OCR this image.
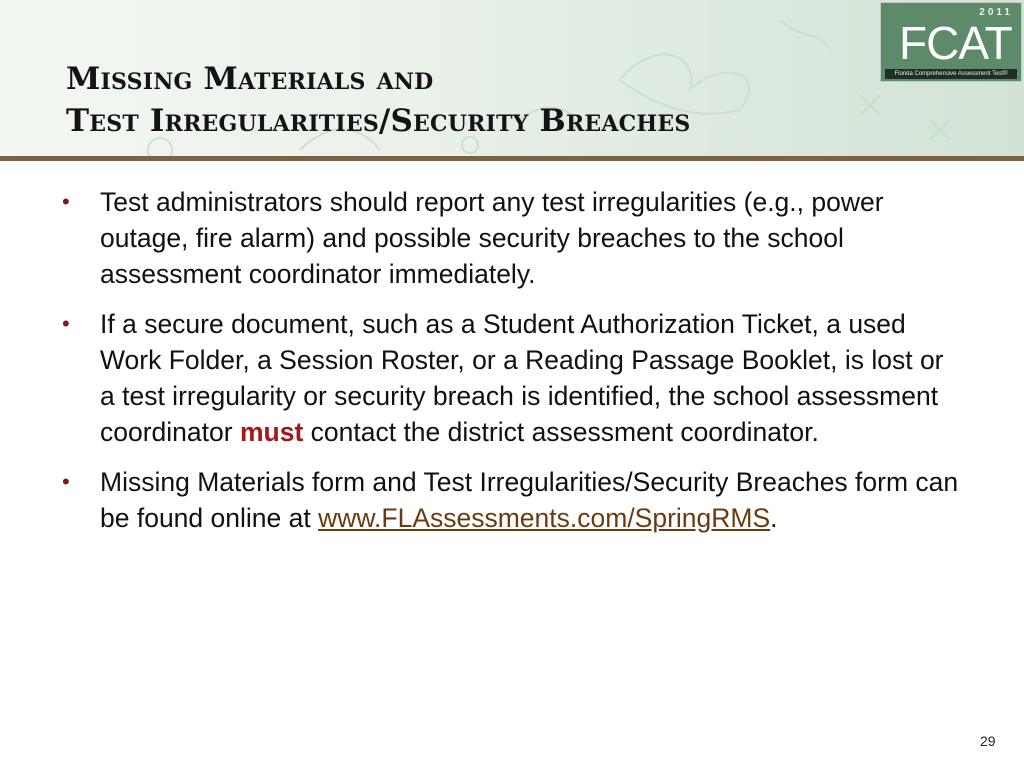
Missing Materials and
Test Irregularities/Security Breaches
2011
FCAT
Florida Comprehensive Assessment Test®
• Test administrators should report any test irregularities (e.g., power outage, fire alarm) and possible security breaches to the school assessment coordinator immediately.
• If a secure document, such as a Student Authorization Ticket, a used Work Folder, a Session Roster, or a Reading Passage Booklet, is lost or a test irregularity or security breach is identified, the school assessment coordinator must contact the district assessment coordinator.
• Missing Materials form and Test Irregularities/Security Breaches form can be found online at www.FLAssessments.com/SpringRMS.
29
